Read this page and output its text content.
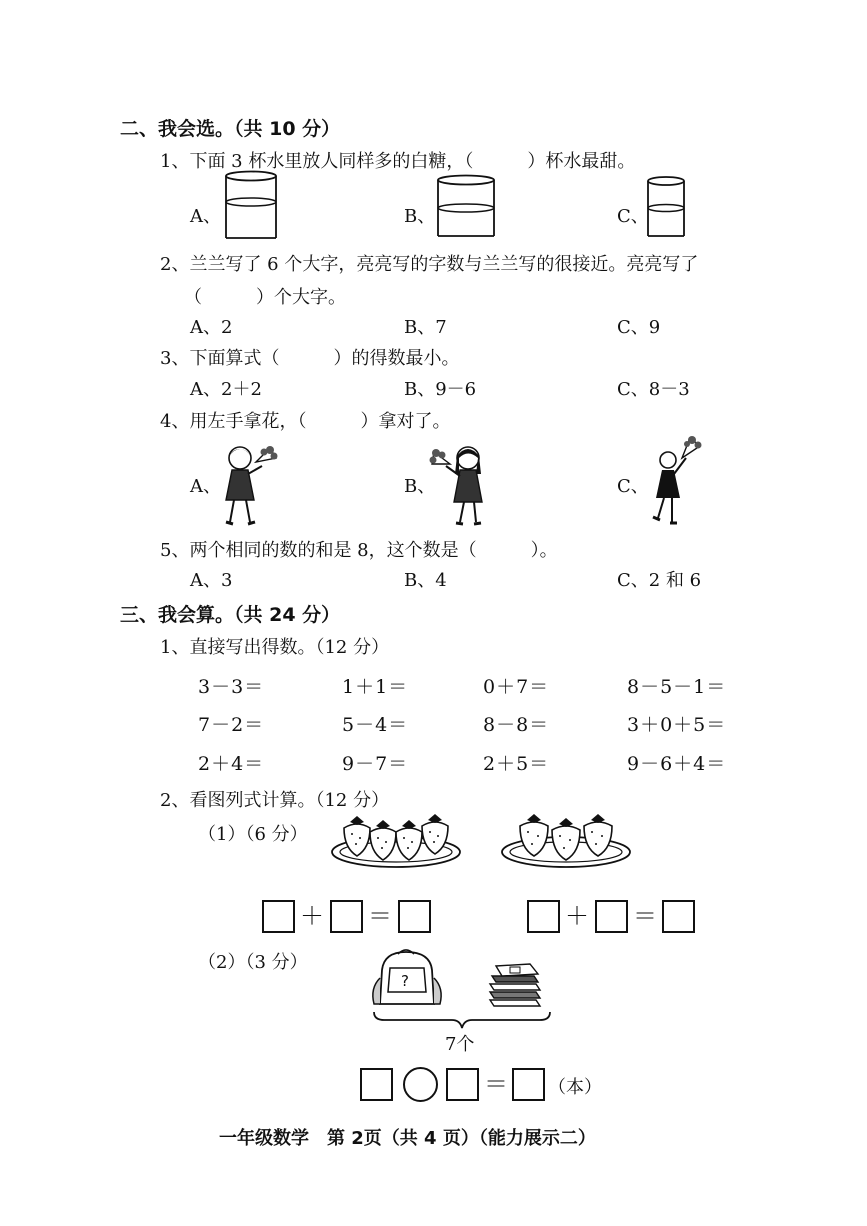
二、我会选。（共 10 分）
1、下面 3 杯水里放人同样多的白糖，（　　　）杯水最甜。
A、	B、	C、
2、兰兰写了 6 个大字，亮亮写的字数与兰兰写的很接近。亮亮写了
（　　　）个大字。
A、2	B、7	C、9
3、下面算式（　　　）的得数最小。
A、2＋2	B、9－6	C、8－3
4、用左手拿花，（　　　）拿对了。
A、	B、	C、
5、两个相同的数的和是 8，这个数是（　　　）。
A、3	B、4	C、2 和 6
三、我会算。（共 24 分）
1、直接写出得数。（12 分）
3－3＝	1＋1＝	0＋7＝	8－5－1＝
7－2＝	5－4＝	8－8＝	3＋0＋5＝
2＋4＝	9－7＝	2＋5＝	9－6＋4＝
2、看图列式计算。（12 分）
（1）（6 分）
＋ ＝	＋ ＝
（2）（3 分）
?
7个
＝ （本）
一年级数学　第 2页（共 4 页）（能力展示二）
